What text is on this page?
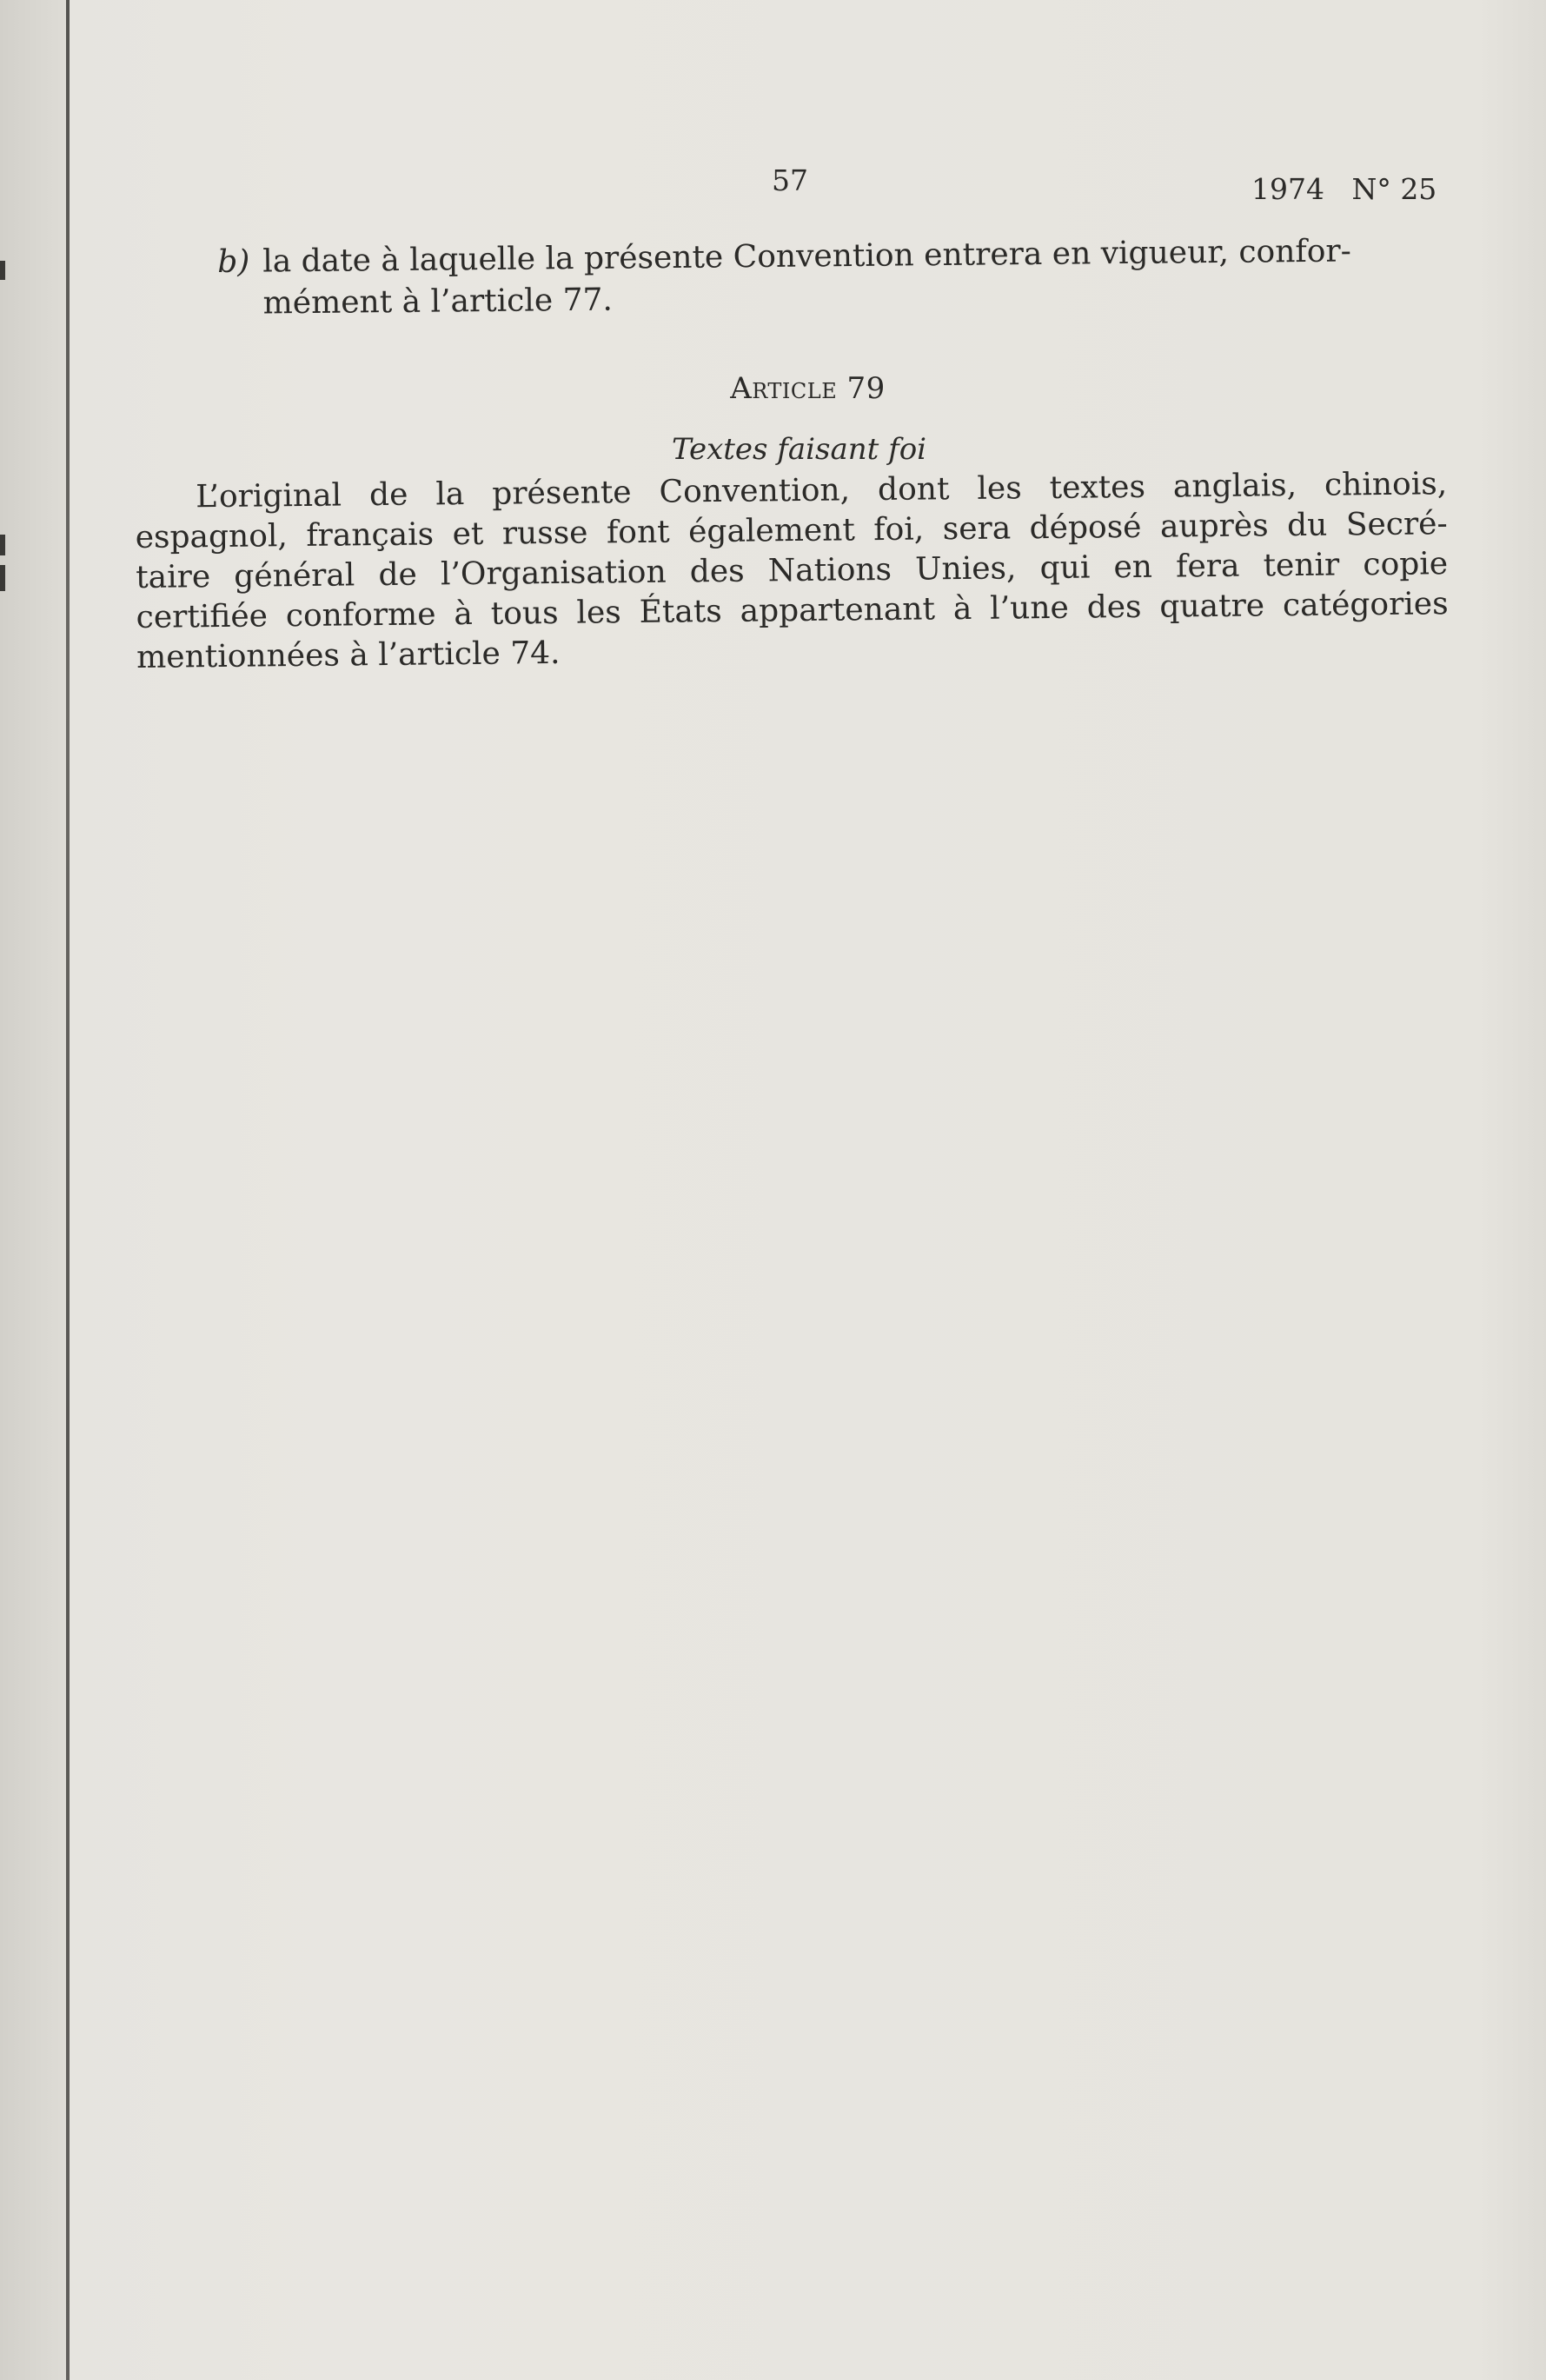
57	1974   N° 25
b) la date à laquelle la présente Convention entrera en vigueur, confor-
mément à l’article 77.
Article 79
Textes faisant foi
L’original de la présente Convention, dont les textes anglais, chinois,
espagnol, français et russe font également foi, sera déposé auprès du Secré-
taire général de l’Organisation des Nations Unies, qui en fera tenir copie
certifiée conforme à tous les États appartenant à l’une des quatre catégories
mentionnées à l’article 74.
